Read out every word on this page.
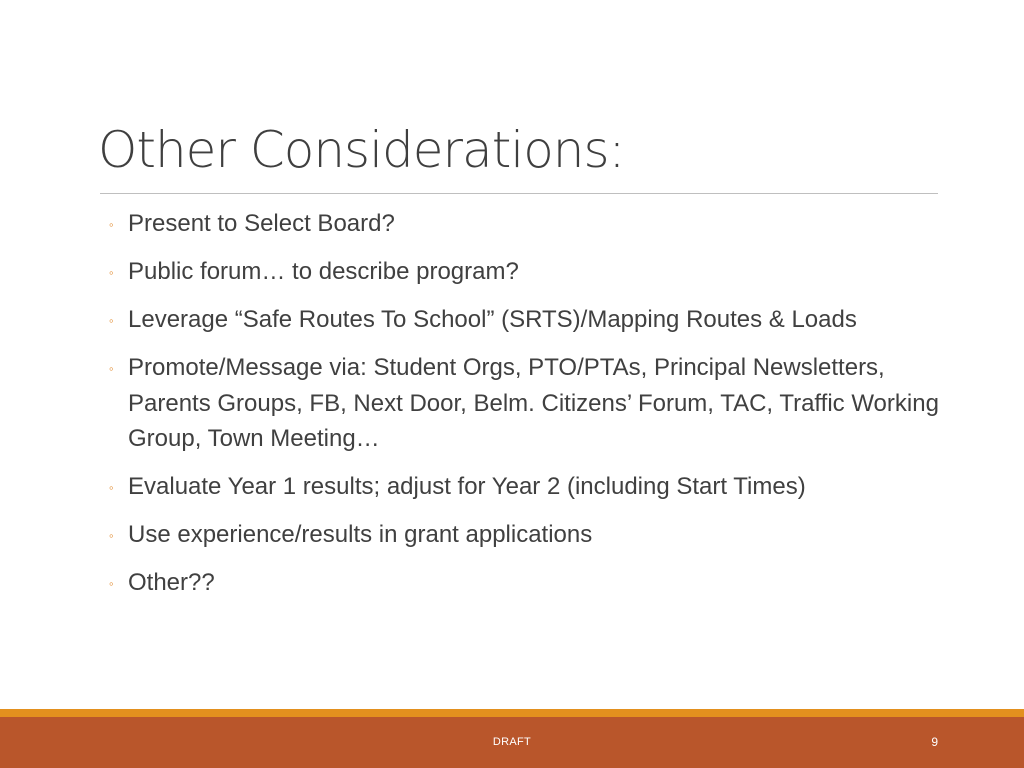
Other Considerations:
◦ Present to Select Board?
◦ Public forum… to describe program?
◦ Leverage “Safe Routes To School” (SRTS)/Mapping Routes & Loads
◦ Promote/Message via: Student Orgs, PTO/PTAs, Principal Newsletters, Parents Groups, FB, Next Door, Belm. Citizens’ Forum, TAC, Traffic Working Group, Town Meeting…
◦ Evaluate Year 1 results; adjust for Year 2 (including Start Times)
◦ Use experience/results in grant applications
◦ Other??
DRAFT	9
